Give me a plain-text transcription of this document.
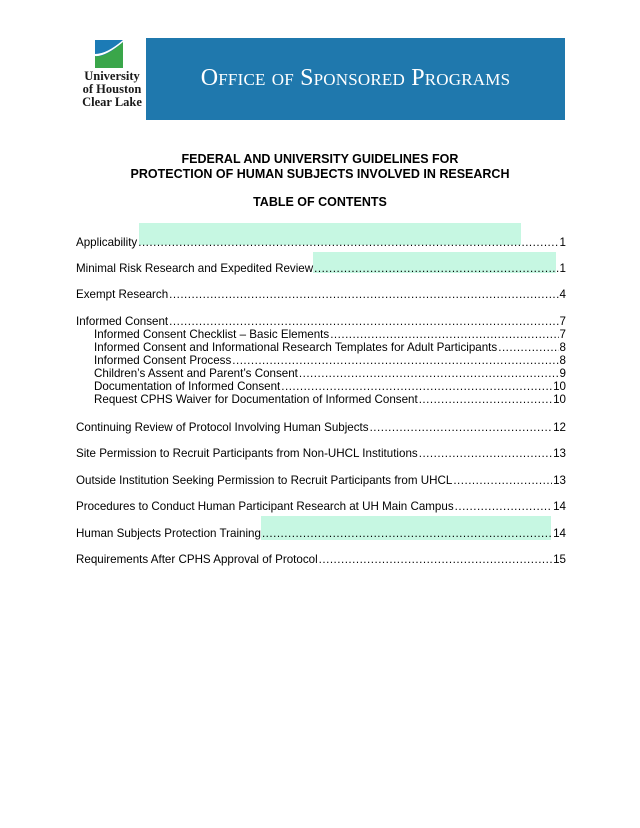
University
of Houston
Clear Lake
Office of Sponsored Programs
FEDERAL AND UNIVERSITY GUIDELINES FOR
PROTECTION OF HUMAN SUBJECTS INVOLVED IN RESEARCH
TABLE OF CONTENTS
Applicability .....	1
Minimal Risk Research and Expedited Review .....	1
Exempt Research .....	4
Informed Consent .....	7
Informed Consent Checklist – Basic Elements .....	7
Informed Consent and Informational Research Templates for Adult Participants .....	8
Informed Consent Process .....	8
Children’s Assent and Parent’s Consent .....	9
Documentation of Informed Consent .....	10
Request CPHS Waiver for Documentation of Informed Consent .....	10
Continuing Review of Protocol Involving Human Subjects .....	12
Site Permission to Recruit Participants from Non-UHCL Institutions .....	13
Outside Institution Seeking Permission to Recruit Participants from UHCL .....	13
Procedures to Conduct Human Participant Research at UH Main Campus .....	14
Human Subjects Protection Training .....	14
Requirements After CPHS Approval of Protocol .....	15
